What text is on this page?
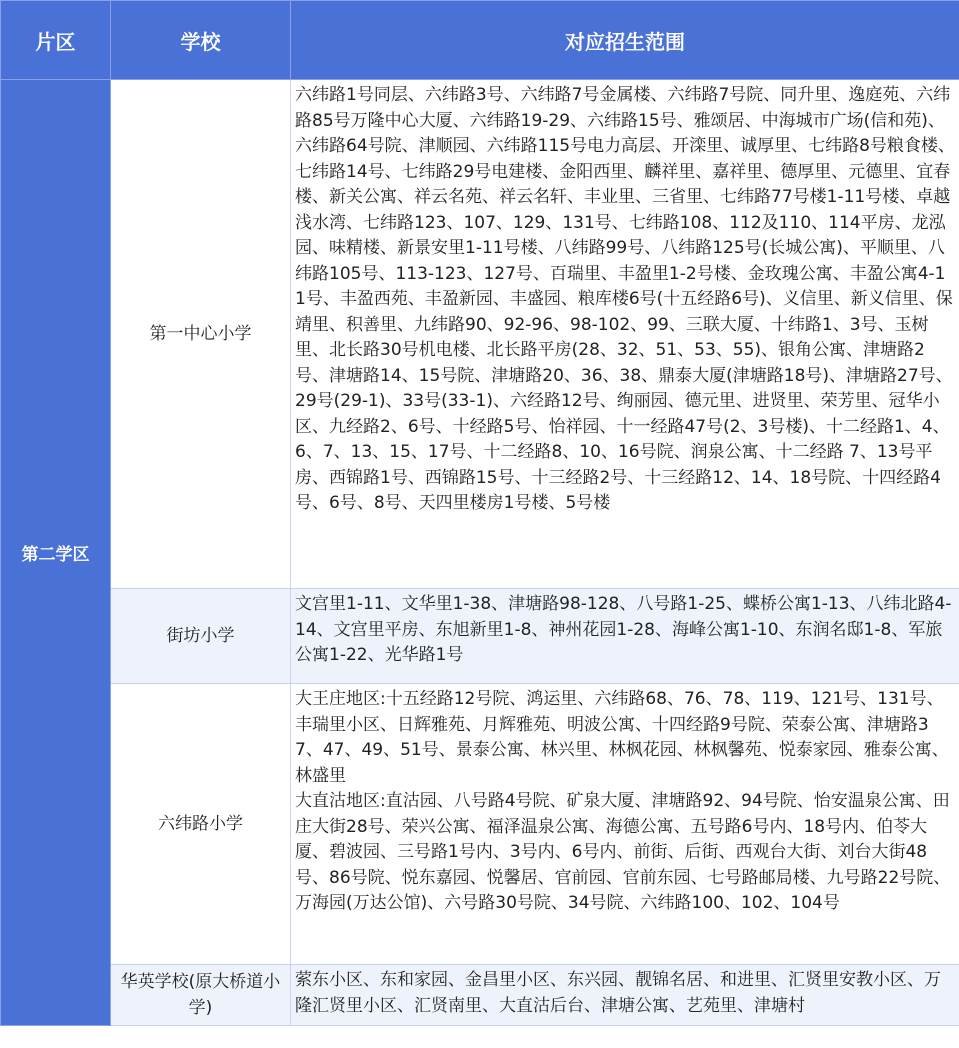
片区	学校	对应招生范围
第二学区	第一中心小学	六纬路1号同层、六纬路3号、六纬路7号金属楼、六纬路7号院、同升里、逸庭苑、六纬路85号万隆中心大厦、六纬路19-29、六纬路15号、雅颂居、中海城市广场(信和苑)、六纬路64号院、津顺园、六纬路115号电力高层、开滦里、诚厚里、七纬路8号粮食楼、七纬路14号、七纬路29号电建楼、金阳西里、麟祥里、嘉祥里、德厚里、元德里、宜春楼、新关公寓、祥云名苑、祥云名轩、丰业里、三省里、七纬路77号楼1-11号楼、卓越浅水湾、七纬路123、107、129、131号、七纬路108、112及110、114平房、龙泓园、味精楼、新景安里1-11号楼、八纬路99号、八纬路125号(长城公寓)、平顺里、八纬路105号、113-123、127号、百瑞里、丰盈里1-2号楼、金玫瑰公寓、丰盈公寓4-11号、丰盈西苑、丰盈新园、丰盛园、粮库楼6号(十五经路6号)、义信里、新义信里、保靖里、积善里、九纬路90、92-96、98-102、99、三联大厦、十纬路1、3号、玉树里、北长路30号机电楼、北长路平房(28、32、51、53、55)、银角公寓、津塘路2号、津塘路14、15号院、津塘路20、36、38、鼎泰大厦(津塘路18号)、津塘路27号、29号(29-1)、33号(33-1)、六经路12号、绚丽园、德元里、进贤里、荣芳里、冠华小区、九经路2、6号、十经路5号、怡祥园、十一经路47号(2、3号楼)、十二经路1、4、6、7、13、15、17号、十二经路8、10、16号院、润泉公寓、十二经路 7、13号平房、西锦路1号、西锦路15号、十三经路2号、十三经路12、14、18号院、十四经路4号、6号、8号、天四里楼房1号楼、5号楼

	街坊小学	文宫里1-11、文华里1-38、津塘路98-128、八号路1-25、蝶桥公寓1-13、八纬北路4-14、文宫里平房、东旭新里1-8、神州花园1-28、海峰公寓1-10、东润名邸1-8、军旅公寓1-22、光华路1号

	六纬路小学	大王庄地区:十五经路12号院、鸿运里、六纬路68、76、78、119、121号、131号、丰瑞里小区、日辉雅苑、月辉雅苑、明波公寓、十四经路9号院、荣泰公寓、津塘路37、47、49、51号、景泰公寓、林兴里、林枫花园、林枫馨苑、悦泰家园、雅泰公寓、林盛里
大直沽地区:直沽园、八号路4号院、矿泉大厦、津塘路92、94号院、怡安温泉公寓、田庄大街28号、荣兴公寓、福泽温泉公寓、海德公寓、五号路6号内、18号内、伯苓大厦、碧波园、三号路1号内、3号内、6号内、前街、后街、西观台大街、刘台大街48号、86号院、悦东嘉园、悦馨居、官前园、官前东园、七号路邮局楼、九号路22号院、万海园(万达公馆)、六号路30号院、34号院、六纬路100、102、104号

	华英学校(原大桥道小学)	萦东小区、东和家园、金昌里小区、东兴园、靓锦名居、和进里、汇贤里安教小区、万隆汇贤里小区、汇贤南里、大直沽后台、津塘公寓、艺苑里、津塘村
